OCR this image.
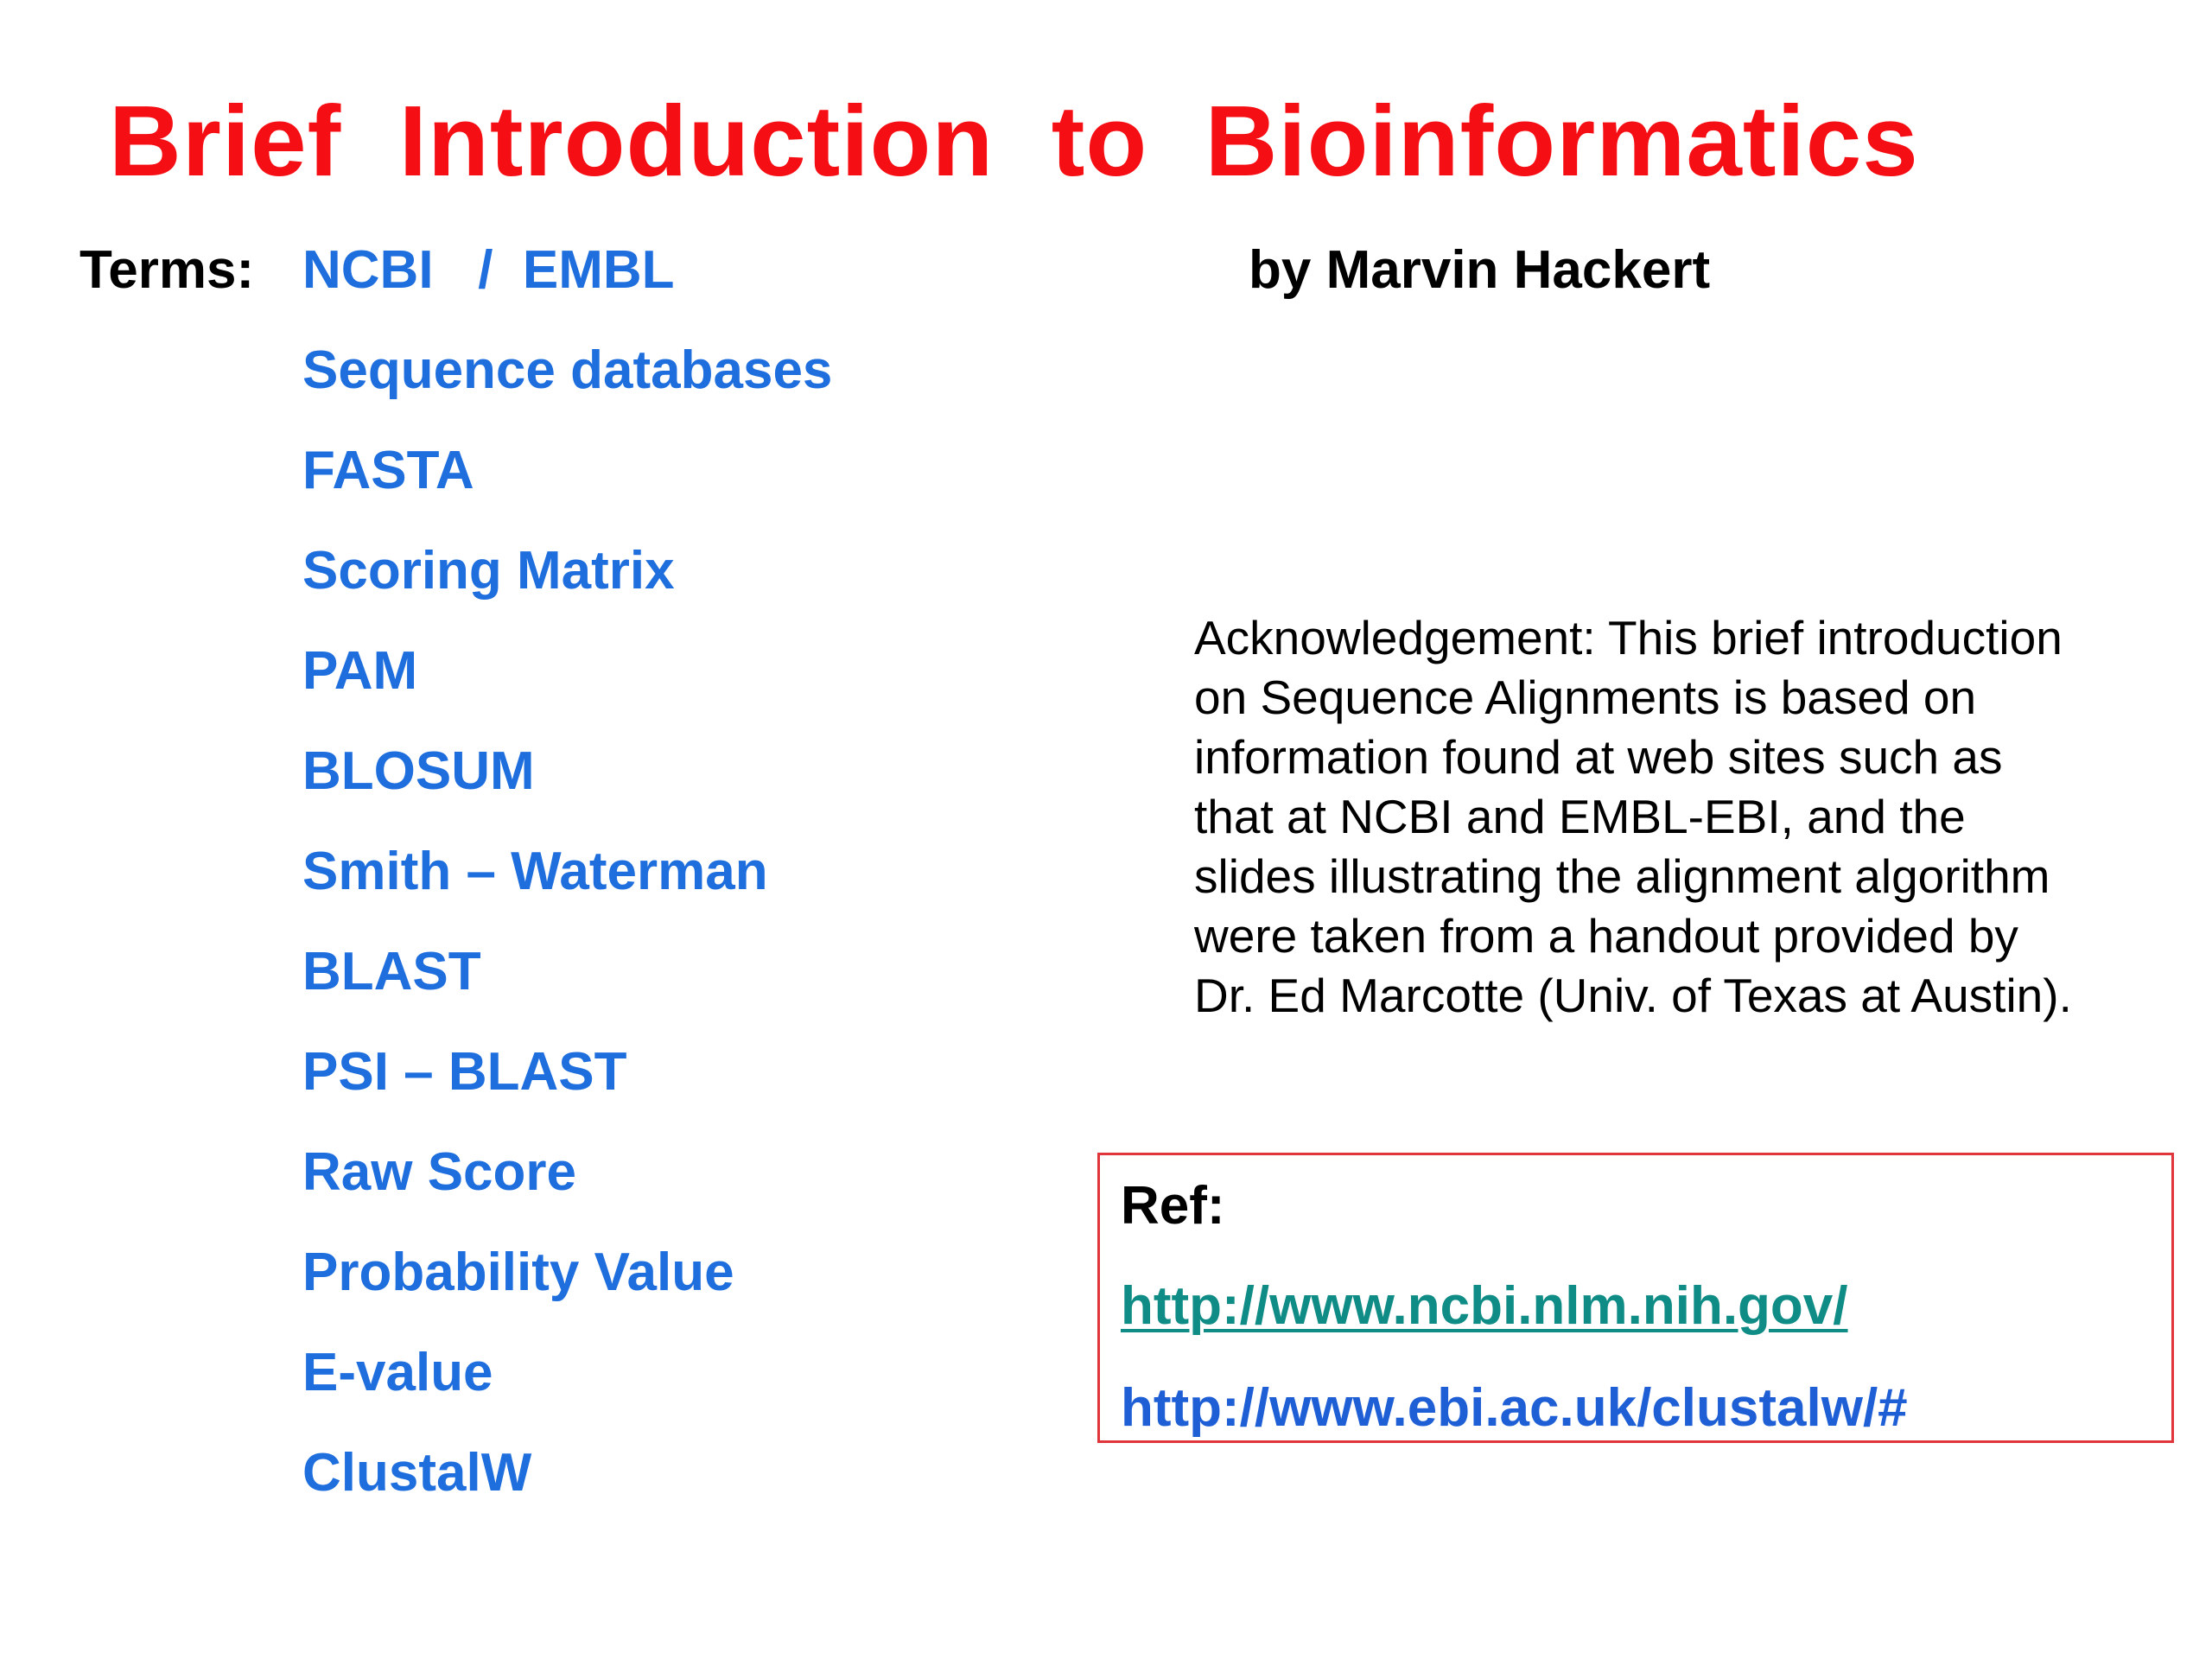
Brief  Introduction  to  Bioinformatics
Terms: NCBI   /  EMBL
Sequence databases
FASTA
Scoring Matrix
PAM
BLOSUM
Smith – Waterman
BLAST
PSI – BLAST
Raw Score
Probability Value
E-value
ClustalW
by Marvin Hackert

Acknowledgement: This brief introduction
on Sequence Alignments is based on
information found at web sites such as
that at NCBI and EMBL-EBI, and the
slides illustrating the alignment algorithm
were taken from a handout provided by
Dr. Ed Marcotte (Univ. of Texas at Austin).

Ref:
http://www.ncbi.nlm.nih.gov/
http://www.ebi.ac.uk/clustalw/#
